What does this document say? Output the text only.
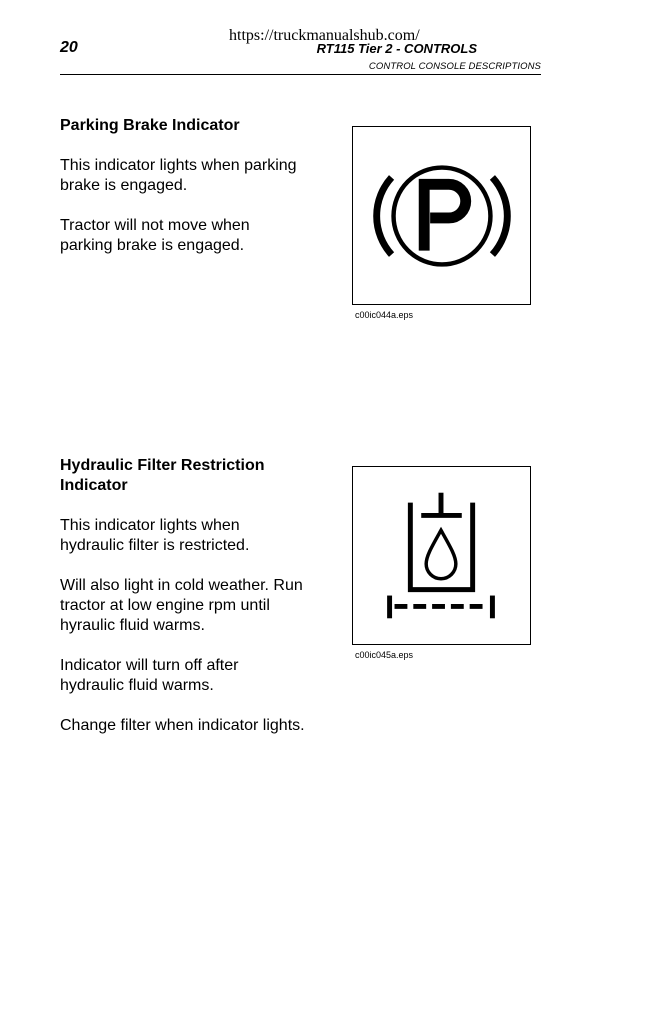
20
https://truckmanualshub.com/
RT115 Tier 2 - CONTROLS
CONTROL CONSOLE DESCRIPTIONS
Parking Brake Indicator
This indicator lights when parking
brake is engaged.
Tractor will not move when
parking brake is engaged.
c00ic044a.eps
Hydraulic Filter Restriction
Indicator
This indicator lights when
hydraulic filter is restricted.
Will also light in cold weather. Run
tractor at low engine rpm until
hyraulic fluid warms.
Indicator will turn off after
hydraulic fluid warms.
Change filter when indicator lights.
c00ic045a.eps
